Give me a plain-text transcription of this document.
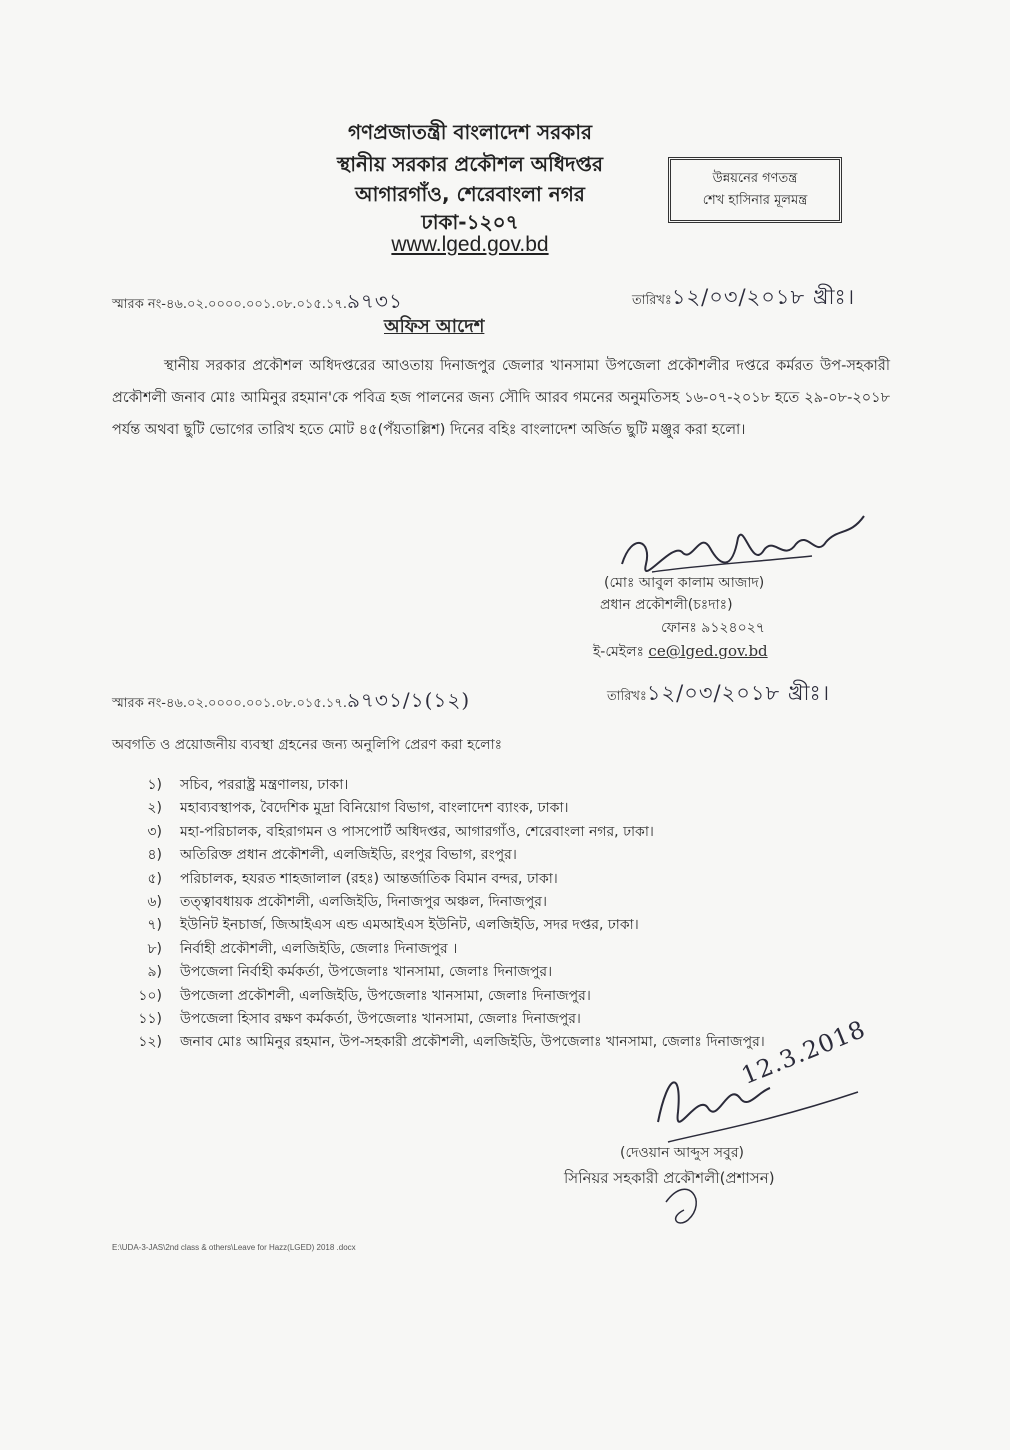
গণপ্রজাতন্ত্রী বাংলাদেশ সরকার
স্থানীয় সরকার প্রকৌশল অধিদপ্তর
আগারগাঁও, শেরেবাংলা নগর
ঢাকা-১২০৭
www.lged.gov.bd
উন্নয়নের গণতন্ত্র
শেখ হাসিনার মূলমন্ত্র
স্মারক নং-৪৬.০২.০০০০.০০১.০৮.০১৫.১৭.৯৭৩১	তারিখঃ১২/০৩/২০১৮ খ্রীঃ।
অফিস আদেশ
স্থানীয় সরকার প্রকৌশল অধিদপ্তরের আওতায় দিনাজপুর জেলার খানসামা উপজেলা প্রকৌশলীর দপ্তরে কর্মরত উপ-সহকারী প্রকৌশলী জনাব মোঃ আমিনুর রহমান'কে পবিত্র হজ পালনের জন্য সৌদি আরব গমনের অনুমতিসহ ১৬-০৭-২০১৮ হতে ২৯-০৮-২০১৮ পর্যন্ত অথবা ছুটি ভোগের তারিখ হতে মোট ৪৫(পঁয়তাল্লিশ) দিনের বহিঃ বাংলাদেশ অর্জিত ছুটি মঞ্জুর করা হলো।
(মোঃ আবুল কালাম আজাদ)
প্রধান প্রকৌশলী(চঃদাঃ)
ফোনঃ ৯১২৪০২৭
ই-মেইলঃ ce@lged.gov.bd
স্মারক নং-৪৬.০২.০০০০.০০১.০৮.০১৫.১৭.৯৭৩১/১(১২)	তারিখঃ১২/০৩/২০১৮ খ্রীঃ।
অবগতি ও প্রয়োজনীয় ব্যবস্থা গ্রহনের জন্য অনুলিপি প্রেরণ করা হলোঃ
১) সচিব, পররাষ্ট্র মন্ত্রণালয়, ঢাকা।
২) মহাব্যবস্থাপক, বৈদেশিক মুদ্রা বিনিয়োগ বিভাগ, বাংলাদেশ ব্যাংক, ঢাকা।
৩) মহা-পরিচালক, বহিরাগমন ও পাসপোর্ট অধিদপ্তর, আগারগাঁও, শেরেবাংলা নগর, ঢাকা।
৪) অতিরিক্ত প্রধান প্রকৌশলী, এলজিইডি, রংপুর বিভাগ, রংপুর।
৫) পরিচালক, হযরত শাহজালাল (রহঃ) আন্তর্জাতিক বিমান বন্দর, ঢাকা।
৬) তত্ত্বাবধায়ক প্রকৌশলী, এলজিইডি, দিনাজপুর অঞ্চল, দিনাজপুর।
৭) ইউনিট ইনচার্জ, জিআইএস এন্ড এমআইএস ইউনিট, এলজিইডি, সদর দপ্তর, ঢাকা।
৮) নির্বাহী প্রকৌশলী, এলজিইডি, জেলাঃ দিনাজপুর ।
৯) উপজেলা নির্বাহী কর্মকর্তা, উপজেলাঃ খানসামা, জেলাঃ দিনাজপুর।
১০) উপজেলা প্রকৌশলী, এলজিইডি, উপজেলাঃ খানসামা, জেলাঃ দিনাজপুর।
১১) উপজেলা হিসাব রক্ষণ কর্মকর্তা, উপজেলাঃ খানসামা, জেলাঃ দিনাজপুর।
১২) জনাব মোঃ আমিনুর রহমান, উপ-সহকারী প্রকৌশলী, এলজিইডি, উপজেলাঃ খানসামা, জেলাঃ দিনাজপুর।
12.3.2018
(দেওয়ান আব্দুস সবুর)
সিনিয়র সহকারী প্রকৌশলী(প্রশাসন)
E:\UDA-3-JAS\2nd class & others\Leave for Hazz(LGED) 2018 .docx
